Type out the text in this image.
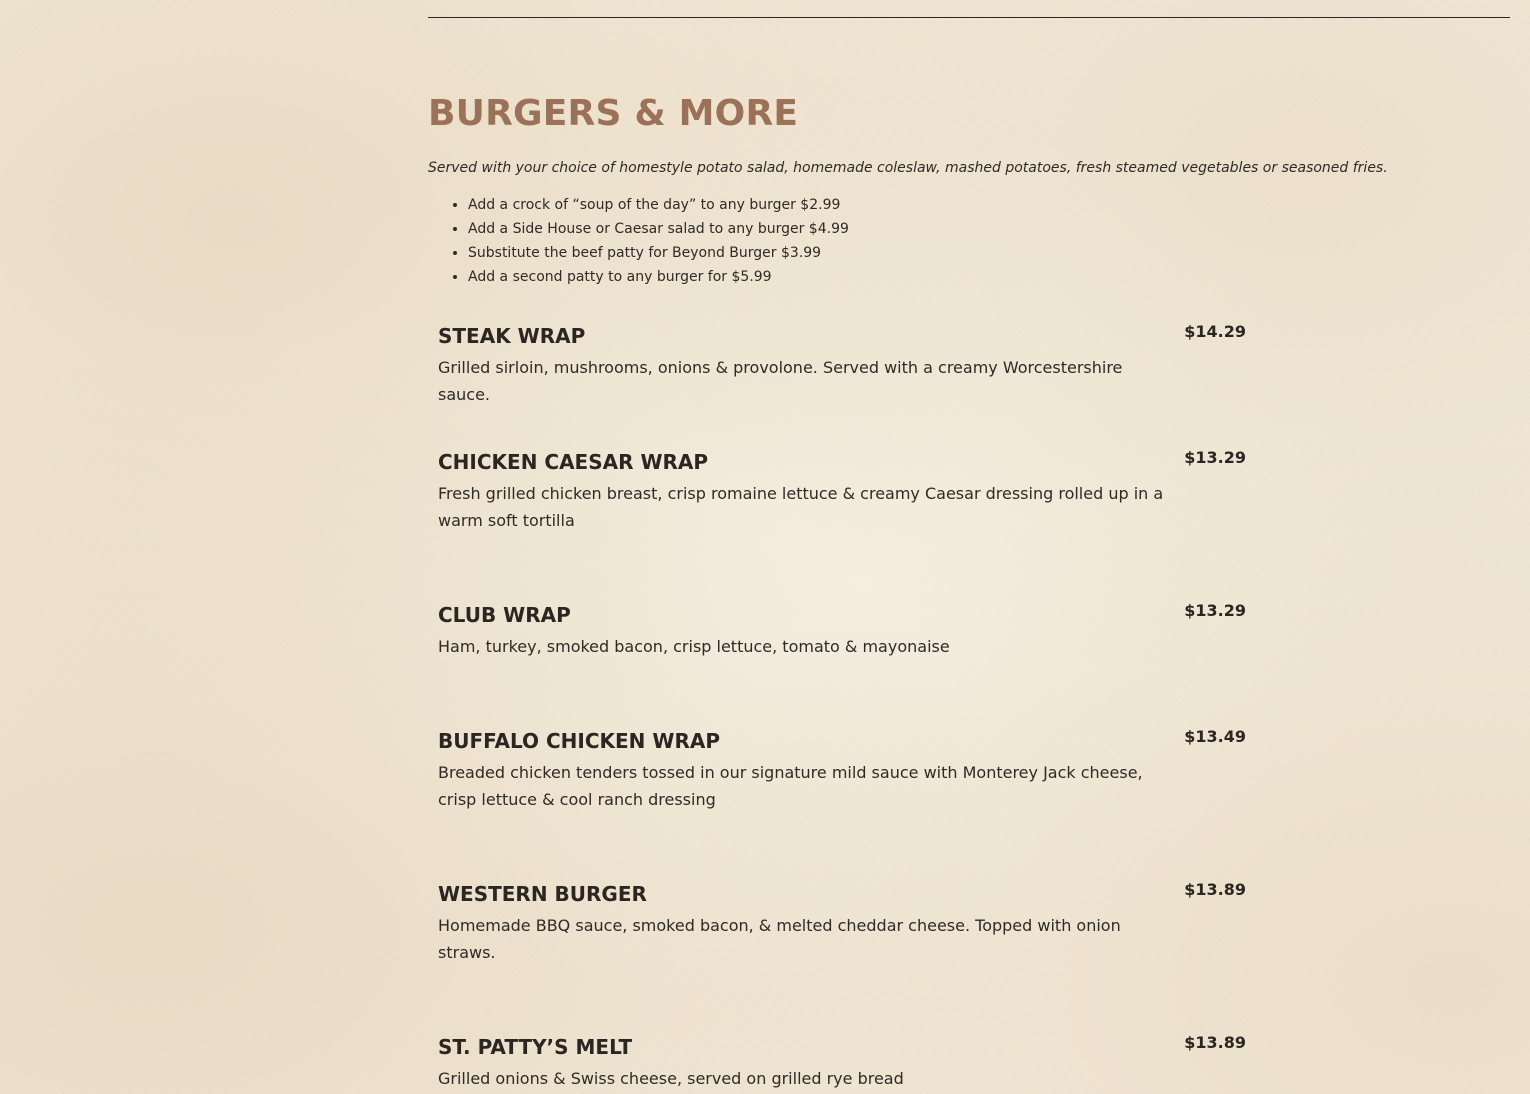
BURGERS & MORE

Served with your choice of homestyle potato salad, homemade coleslaw, mashed potatoes, fresh steamed vegetables or seasoned fries.

• Add a crock of “soup of the day” to any burger $2.99
• Add a Side House or Caesar salad to any burger $4.99
• Substitute the beef patty for Beyond Burger $3.99
• Add a second patty to any burger for $5.99
STEAK WRAP

Grilled sirloin, mushrooms, onions & provolone. Served with a creamy Worcestershire sauce.

$14.29
CHICKEN CAESAR WRAP

Fresh grilled chicken breast, crisp romaine lettuce & creamy Caesar dressing rolled up in a warm soft tortilla

$13.29
CLUB WRAP

Ham, turkey, smoked bacon, crisp lettuce, tomato & mayonaise

$13.29
BUFFALO CHICKEN WRAP

Breaded chicken tenders tossed in our signature mild sauce with Monterey Jack cheese, crisp lettuce & cool ranch dressing

$13.49
WESTERN BURGER

Homemade BBQ sauce, smoked bacon, & melted cheddar cheese. Topped with onion straws.

$13.89
ST. PATTY’S MELT

Grilled onions & Swiss cheese, served on grilled rye bread

$13.89
